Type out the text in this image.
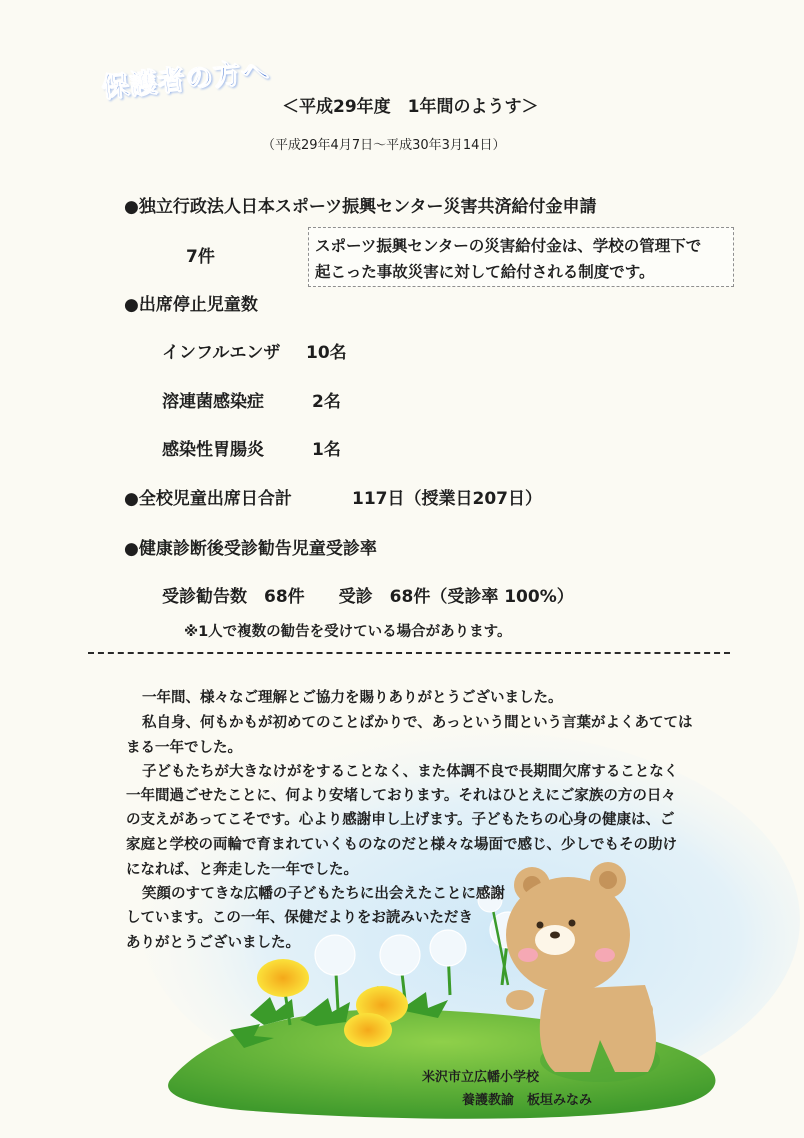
保護者の方へ
＜平成29年度　1年間のようす＞
（平成29年4月7日～平成30年3月14日）
●独立行政法人日本スポーツ振興センター災害共済給付金申請
7件
スポーツ振興センターの災害給付金は、学校の管理下で
起こった事故災害に対して給付される制度です。
●出席停止児童数
インフルエンザ 10名
溶連菌感染症	2名
感染性胃腸炎	1名
●全校児童出席日合計	117日（授業日207日）
●健康診断後受診勧告児童受診率
受診勧告数　68件　　受診　68件（受診率 100%）
※1人で複数の勧告を受けている場合があります。
一年間、様々なご理解とご協力を賜りありがとうございました。
私自身、何もかもが初めてのことばかりで、あっという間という言葉がよくあてては
まる一年でした。
子どもたちが大きなけがをすることなく、また体調不良で長期間欠席することなく
一年間過ごせたことに、何より安堵しております。それはひとえにご家族の方の日々
の支えがあってこそです。心より感謝申し上げます。子どもたちの心身の健康は、ご
家庭と学校の両輪で育まれていくものなのだと様々な場面で感じ、少しでもその助け
になれば、と奔走した一年でした。
笑顔のすてきな広幡の子どもたちに出会えたことに感謝
しています。この一年、保健だよりをお読みいただき
ありがとうございました。
米沢市立広幡小学校
養護教諭　板垣みなみ
